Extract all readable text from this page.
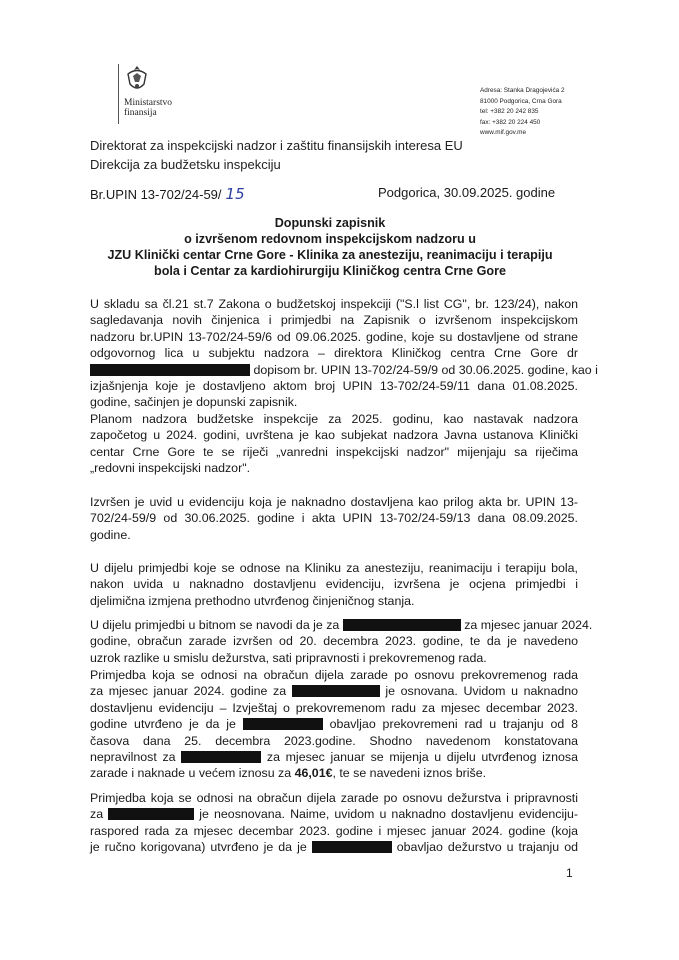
Ministarstvo
finansija
Adresa: Stanka Dragojevića 2
81000 Podgorica, Crna Gora
tel: +382 20 242 835
fax: +382 20 224 450
www.mif.gov.me
Direktorat za inspekcijski nadzor i zaštitu finansijskih interesa EU
Direkcija za budžetsku inspekciju
Br.UPIN 13-702/24-59/ 15	Podgorica, 30.09.2025. godine
Dopunski zapisnik
o izvršenom redovnom inspekcijskom nadzoru u
JZU Klinički centar Crne Gore - Klinika za anesteziju, reanimaciju i terapiju
bola i Centar za kardiohirurgiju Kliničkog centra Crne Gore
U skladu sa čl.21 st.7 Zakona o budžetskoj inspekciji ("S.l list CG", br. 123/24), nakon
sagledavanja novih činjenica i primjedbi na Zapisnik o izvršenom inspekcijskom
nadzoru br.UPIN 13-702/24-59/6 od 09.06.2025. godine, koje su dostavljene od strane
odgovornog lica u subjektu nadzora – direktora Kliničkog centra Crne Gore dr
dopisom br. UPIN 13-702/24-59/9 od 30.06.2025. godine, kao i
izjašnjenja koje je dostavljeno aktom broj UPIN 13-702/24-59/11 dana 01.08.2025.
godine, sačinjen je dopunski zapisnik.
Planom nadzora budžetske inspekcije za 2025. godinu, kao nastavak nadzora
započetog u 2024. godini, uvrštena je kao subjekat nadzora Javna ustanova Klinički
centar Crne Gore te se riječi „vanredni inspekcijski nadzor" mijenjaju sa riječima
„redovni inspekcijski nadzor".
Izvršen je uvid u evidenciju koja je naknadno dostavljena kao prilog akta br. UPIN 13-
702/24-59/9 od 30.06.2025. godine i akta UPIN 13-702/24-59/13 dana 08.09.2025.
godine.
U dijelu primjedbi koje se odnose na Kliniku za anesteziju, reanimaciju i terapiju bola,
nakon uvida u naknadno dostavljenu evidenciju, izvršena je ocjena primjedbi i
djelimična izmjena prethodno utvrđenog činjeničnog stanja.
U dijelu primjedbi u bitnom se navodi da je za	za mjesec januar 2024.
godine, obračun zarade izvršen od 20. decembra 2023. godine, te da je navedeno
uzrok razlike u smislu dežurstva, sati pripravnosti i prekovremenog rada.
Primjedba koja se odnosi na obračun dijela zarade po osnovu prekovremenog rada
za mjesec januar 2024. godine za	je osnovana. Uvidom u naknadno
dostavljenu evidenciju – Izvještaj o prekovremenom radu za mjesec decembar 2023.
godine utvrđeno je da je	obavljao prekovremeni rad u trajanju od 8
časova dana 25. decembra 2023.godine. Shodno navedenom konstatovana
nepravilnost za	za mjesec januar se mijenja u dijelu utvrđenog iznosa
zarade i naknade u većem iznosu za 46,01€, te se navedeni iznos briše.
Primjedba koja se odnosi na obračun dijela zarade po osnovu dežurstva i pripravnosti
za	je neosnovana. Naime, uvidom u naknadno dostavljenu evidenciju-
raspored rada za mjesec decembar 2023. godine i mjesec januar 2024. godine (koja
je ručno korigovana) utvrđeno je da je	obavljao dežurstvo u trajanju od
1
